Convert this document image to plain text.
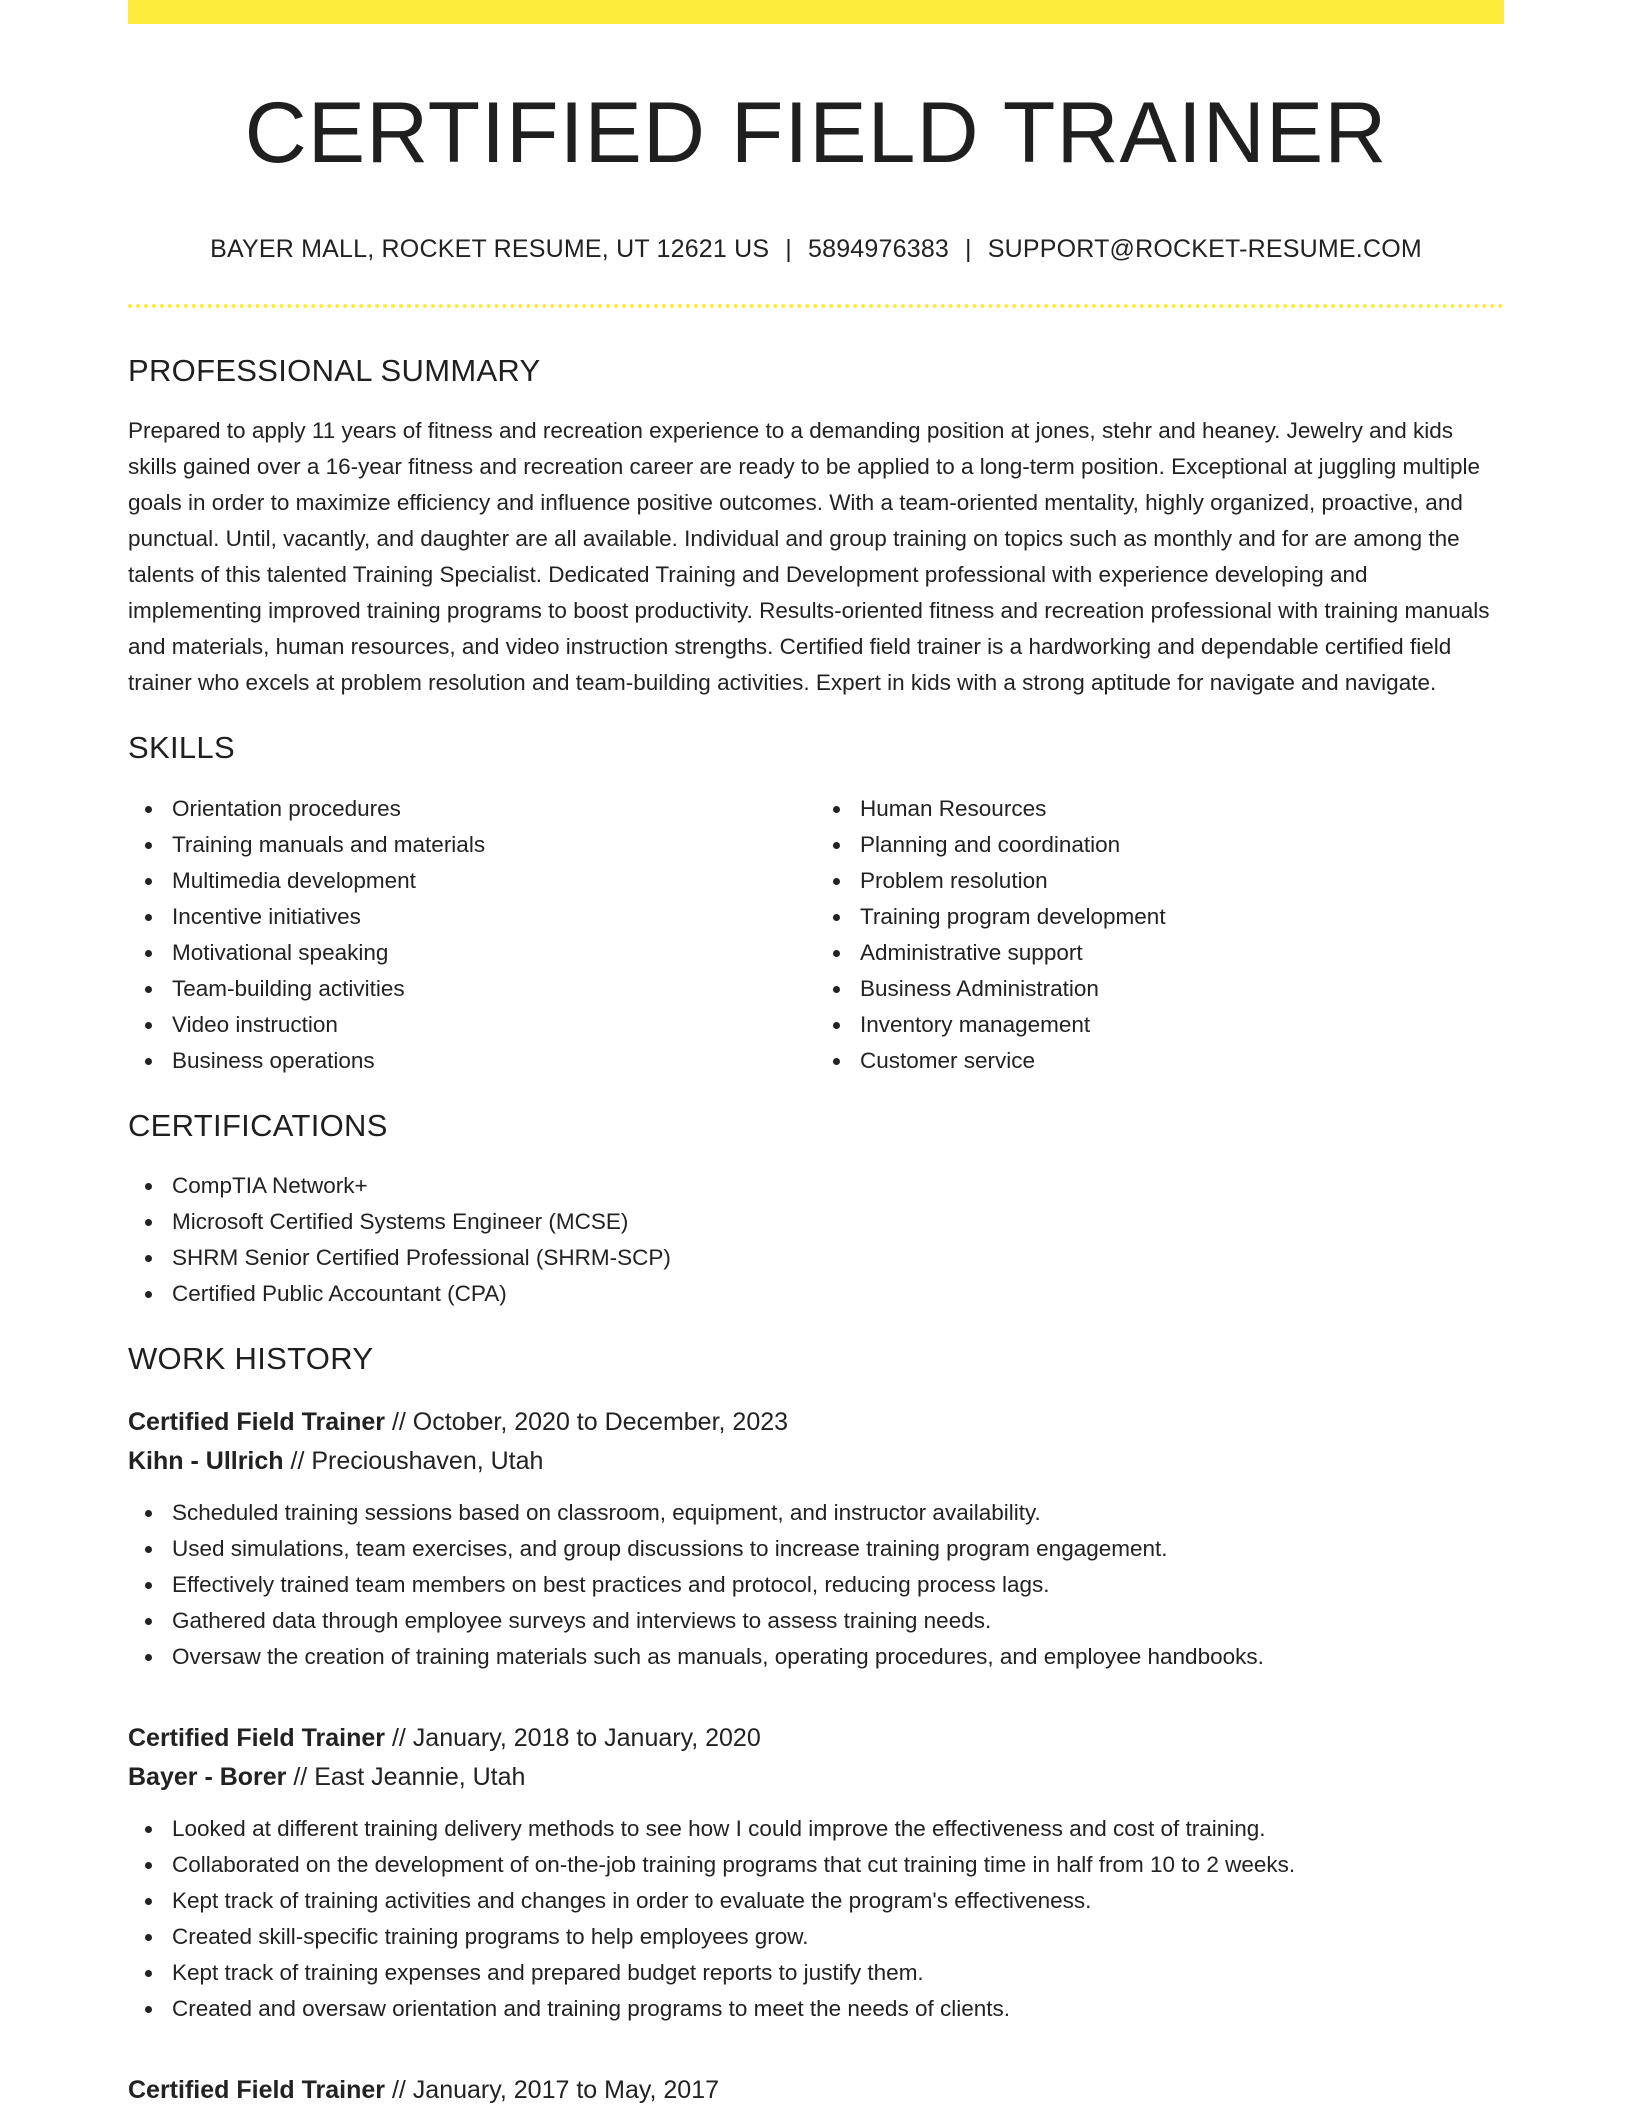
CERTIFIED FIELD TRAINER
BAYER MALL, ROCKET RESUME, UT 12621 US | 5894976383 | SUPPORT@ROCKET-RESUME.COM
PROFESSIONAL SUMMARY

Prepared to apply 11 years of fitness and recreation experience to a demanding position at jones, stehr and heaney. Jewelry and kids skills gained over a 16-year fitness and recreation career are ready to be applied to a long-term position. Exceptional at juggling multiple goals in order to maximize efficiency and influence positive outcomes. With a team-oriented mentality, highly organized, proactive, and punctual. Until, vacantly, and daughter are all available. Individual and group training on topics such as monthly and for are among the talents of this talented Training Specialist. Dedicated Training and Development professional with experience developing and implementing improved training programs to boost productivity. Results-oriented fitness and recreation professional with training manuals and materials, human resources, and video instruction strengths. Certified field trainer is a hardworking and dependable certified field trainer who excels at problem resolution and team-building activities. Expert in kids with a strong aptitude for navigate and navigate.

SKILLS
Orientation procedures
Training manuals and materials
Multimedia development
Incentive initiatives
Motivational speaking
Team-building activities
Video instruction
Business operations
Human Resources
Planning and coordination
Problem resolution
Training program development
Administrative support
Business Administration
Inventory management
Customer service
CERTIFICATIONS
CompTIA Network+
Microsoft Certified Systems Engineer (MCSE)
SHRM Senior Certified Professional (SHRM-SCP)
Certified Public Accountant (CPA)
WORK HISTORY
Certified Field Trainer // October, 2020 to December, 2023
Kihn - Ullrich // Precioushaven, Utah
Scheduled training sessions based on classroom, equipment, and instructor availability.
Used simulations, team exercises, and group discussions to increase training program engagement.
Effectively trained team members on best practices and protocol, reducing process lags.
Gathered data through employee surveys and interviews to assess training needs.
Oversaw the creation of training materials such as manuals, operating procedures, and employee handbooks.
Certified Field Trainer // January, 2018 to January, 2020
Bayer - Borer // East Jeannie, Utah
Looked at different training delivery methods to see how I could improve the effectiveness and cost of training.
Collaborated on the development of on-the-job training programs that cut training time in half from 10 to 2 weeks.
Kept track of training activities and changes in order to evaluate the program's effectiveness.
Created skill-specific training programs to help employees grow.
Kept track of training expenses and prepared budget reports to justify them.
Created and oversaw orientation and training programs to meet the needs of clients.
Certified Field Trainer // January, 2017 to May, 2017
